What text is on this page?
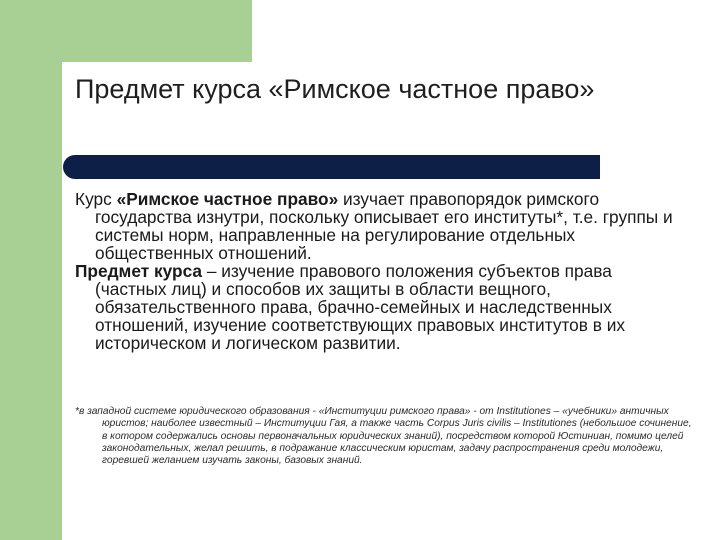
Предмет курса «Римское частное право»

Курс «Римское частное право» изучает правопорядок римского государства изнутри, поскольку описывает его институты*, т.е. группы и системы норм, направленные на регулирование отдельных общественных отношений.

Предмет курса – изучение правового положения субъектов права (частных лиц) и способов их защиты в области вещного, обязательственного права, брачно-семейных и наследственных отношений, изучение соответствующих правовых институтов в их историческом и логическом развитии.

*в западной системе юридического образования - «Институции римского права» - от Institutiones – «учебники» античных юристов; наиболее известный – Институции Гая, а также часть Corpus Juris civilis – Institutiones (небольшое сочинение, в котором содержались основы первоначальных юридических знаний), посредством которой Юстиниан, помимо целей законодательных, желал решить, в подражание классическим юристам, задачу распространения среди молодежи, горевшей желанием изучать законы, базовых знаний.
